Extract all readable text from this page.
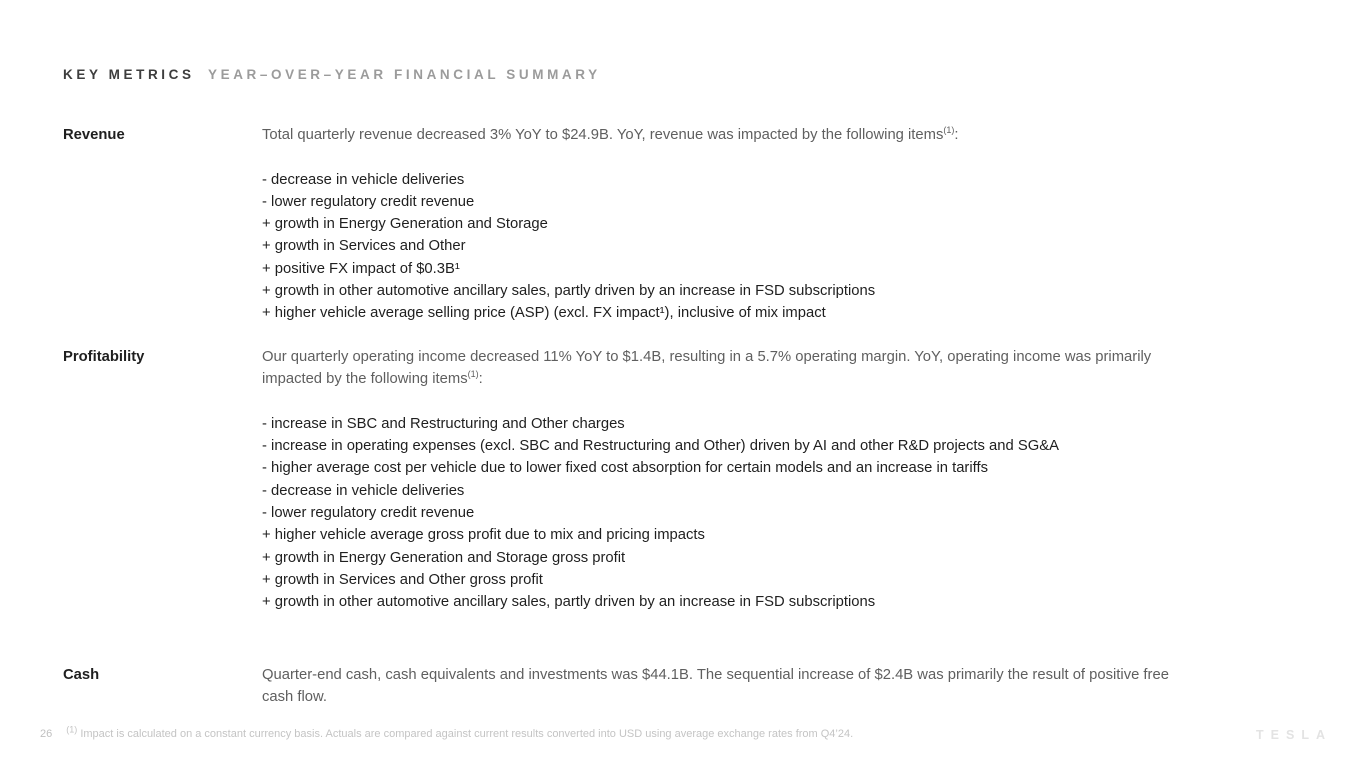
KEY METRICS YEAR–OVER–YEAR FINANCIAL SUMMARY
Revenue	Total quarterly revenue decreased 3% YoY to $24.9B. YoY, revenue was impacted by the following items$^{(1)}$:

- decrease in vehicle deliveries
- lower regulatory credit revenue
+ growth in Energy Generation and Storage
+ growth in Services and Other
+ positive FX impact of $0.3B¹
+ growth in other automotive ancillary sales, partly driven by an increase in FSD subscriptions
+ higher vehicle average selling price (ASP) (excl. FX impact¹), inclusive of mix impact
Profitability	Our quarterly operating income decreased 11% YoY to $1.4B, resulting in a 5.7% operating margin. YoY, operating income was primarily impacted by the following items$^{(1)}$:

- increase in SBC and Restructuring and Other charges
- increase in operating expenses (excl. SBC and Restructuring and Other) driven by AI and other R&D projects and SG&A
- higher average cost per vehicle due to lower fixed cost absorption for certain models and an increase in tariffs
- decrease in vehicle deliveries
- lower regulatory credit revenue
+ higher vehicle average gross profit due to mix and pricing impacts
+ growth in Energy Generation and Storage gross profit
+ growth in Services and Other gross profit
+ growth in other automotive ancillary sales, partly driven by an increase in FSD subscriptions
Cash	Quarter-end cash, cash equivalents and investments was $44.1B. The sequential increase of $2.4B was primarily the result of positive free cash flow.

26 $^{(1)}$ Impact is calculated on a constant currency basis. Actuals are compared against current results converted into USD using average exchange rates from Q4’24.	TESLA
